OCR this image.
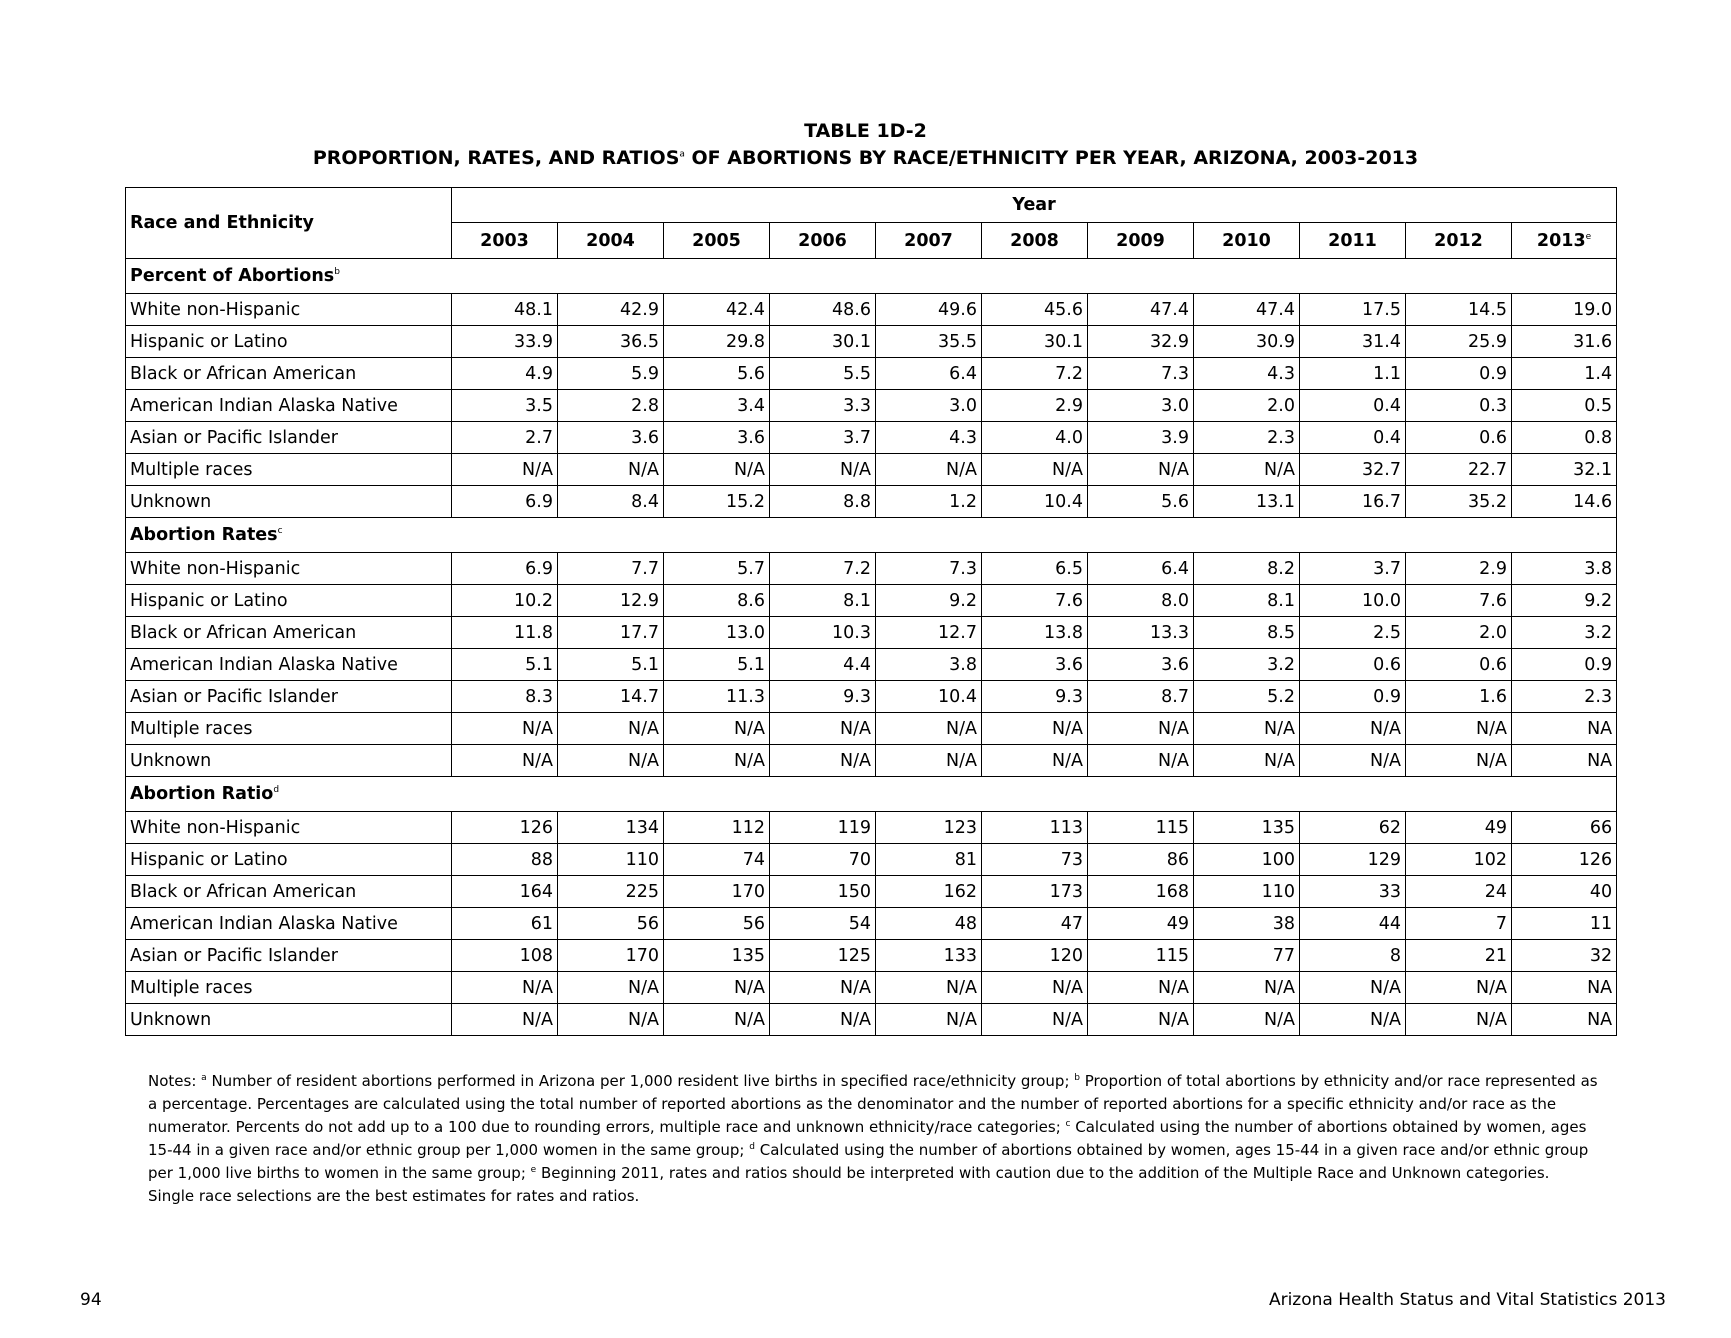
TABLE 1D-2
PROPORTION, RATES, AND RATIOS$^a$ OF ABORTIONS BY RACE/ETHNICITY PER YEAR, ARIZONA, 2003-2013
Race and Ethnicity	Year										
	2003	2004	2005	2006	2007	2008	2009	2010	2011	2012	2013e
Percent of Abortions$^b$
White non-Hispanic	48.1	42.9	42.4	48.6	49.6	45.6	47.4	47.4	17.5	14.5	19.0
Hispanic or Latino	33.9	36.5	29.8	30.1	35.5	30.1	32.9	30.9	31.4	25.9	31.6
Black or African American	4.9	5.9	5.6	5.5	6.4	7.2	7.3	4.3	1.1	0.9	1.4
American Indian Alaska Native	3.5	2.8	3.4	3.3	3.0	2.9	3.0	2.0	0.4	0.3	0.5
Asian or Pacific Islander	2.7	3.6	3.6	3.7	4.3	4.0	3.9	2.3	0.4	0.6	0.8
Multiple races	N/A	N/A	N/A	N/A	N/A	N/A	N/A	N/A	32.7	22.7	32.1
Unknown	6.9	8.4	15.2	8.8	1.2	10.4	5.6	13.1	16.7	35.2	14.6
Abortion Rates$^c$
White non-Hispanic	6.9	7.7	5.7	7.2	7.3	6.5	6.4	8.2	3.7	2.9	3.8
Hispanic or Latino	10.2	12.9	8.6	8.1	9.2	7.6	8.0	8.1	10.0	7.6	9.2
Black or African American	11.8	17.7	13.0	10.3	12.7	13.8	13.3	8.5	2.5	2.0	3.2
American Indian Alaska Native	5.1	5.1	5.1	4.4	3.8	3.6	3.6	3.2	0.6	0.6	0.9
Asian or Pacific Islander	8.3	14.7	11.3	9.3	10.4	9.3	8.7	5.2	0.9	1.6	2.3
Multiple races	N/A	N/A	N/A	N/A	N/A	N/A	N/A	N/A	N/A	N/A	NA
Unknown	N/A	N/A	N/A	N/A	N/A	N/A	N/A	N/A	N/A	N/A	NA
Abortion Ratio$^d$
White non-Hispanic	126	134	112	119	123	113	115	135	62	49	66
Hispanic or Latino	88	110	74	70	81	73	86	100	129	102	126
Black or African American	164	225	170	150	162	173	168	110	33	24	40
American Indian Alaska Native	61	56	56	54	48	47	49	38	44	7	11
Asian or Pacific Islander	108	170	135	125	133	120	115	77	8	21	32
Multiple races	N/A	N/A	N/A	N/A	N/A	N/A	N/A	N/A	N/A	N/A	NA
Unknown	N/A	N/A	N/A	N/A	N/A	N/A	N/A	N/A	N/A	N/A	NA

Notes: $^a$ Number of resident abortions performed in Arizona per 1,000 resident live births in specified race/ethnicity group; $^b$ Proportion of total abortions by ethnicity and/or race represented as a percentage. Percentages are calculated using the total number of reported abortions as the denominator and the number of reported abortions for a specific ethnicity and/or race as the numerator. Percents do not add up to a 100 due to rounding errors, multiple race and unknown ethnicity/race categories; $^c$ Calculated using the number of abortions obtained by women, ages 15-44 in a given race and/or ethnic group per 1,000 women in the same group; $^d$ Calculated using the number of abortions obtained by women, ages 15-44 in a given race and/or ethnic group per 1,000 live births to women in the same group; $^e$ Beginning 2011, rates and ratios should be interpreted with caution due to the addition of the Multiple Race and Unknown categories. Single race selections are the best estimates for rates and ratios.

94	Arizona Health Status and Vital Statistics 2013
